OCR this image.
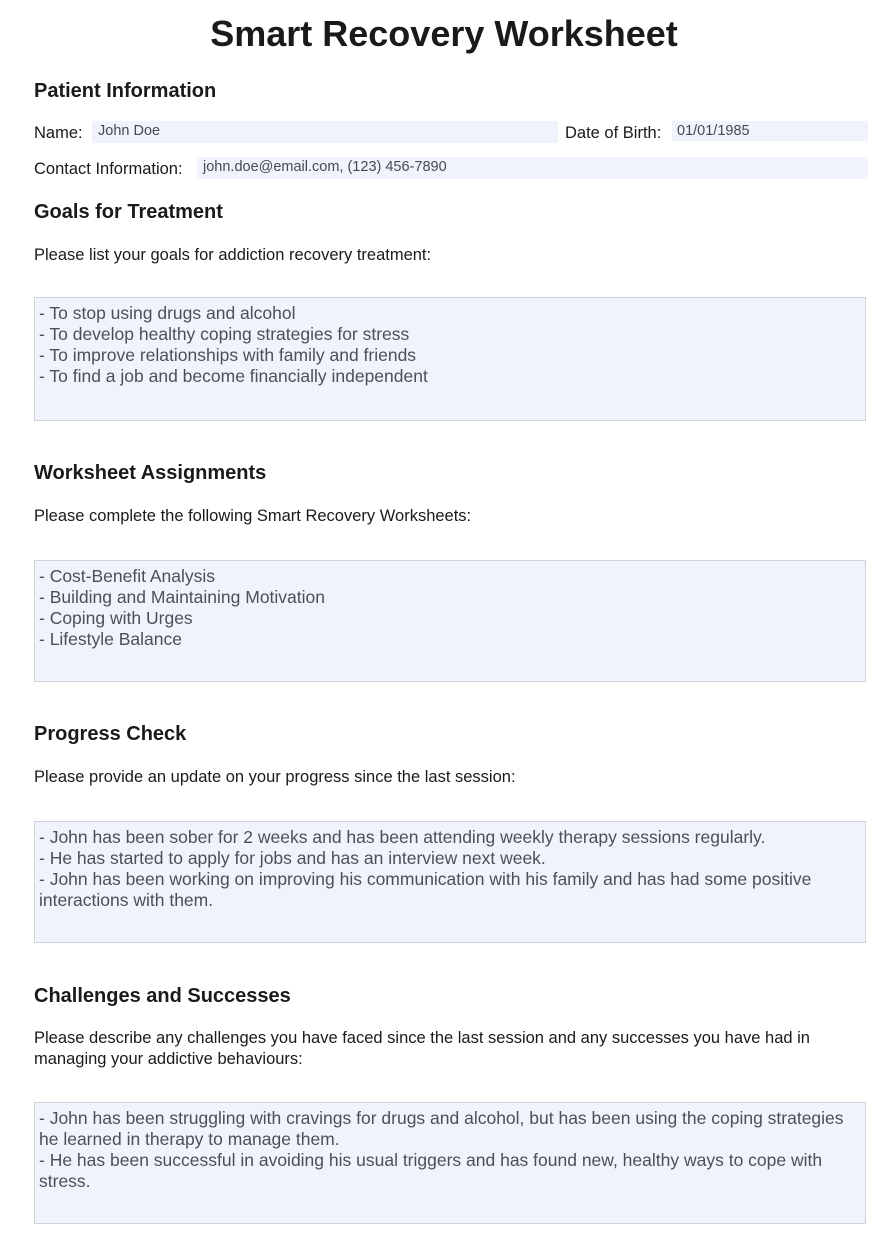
Smart Recovery Worksheet
Patient Information
Name:	John Doe	Date of Birth:	01/01/1985
Contact Information:	john.doe@email.com, (123) 456-7890
Goals for Treatment
Please list your goals for addiction recovery treatment:
- To stop using drugs and alcohol
- To develop healthy coping strategies for stress
- To improve relationships with family and friends
- To find a job and become financially independent
Worksheet Assignments
Please complete the following Smart Recovery Worksheets:
- Cost-Benefit Analysis
- Building and Maintaining Motivation
- Coping with Urges
- Lifestyle Balance
Progress Check
Please provide an update on your progress since the last session:
- John has been sober for 2 weeks and has been attending weekly therapy sessions regularly.
- He has started to apply for jobs and has an interview next week.
- John has been working on improving his communication with his family and has had some positive interactions with them.
Challenges and Successes
Please describe any challenges you have faced since the last session and any successes you have had in managing your addictive behaviours:
- John has been struggling with cravings for drugs and alcohol, but has been using the coping strategies he learned in therapy to manage them.
- He has been successful in avoiding his usual triggers and has found new, healthy ways to cope with stress.
